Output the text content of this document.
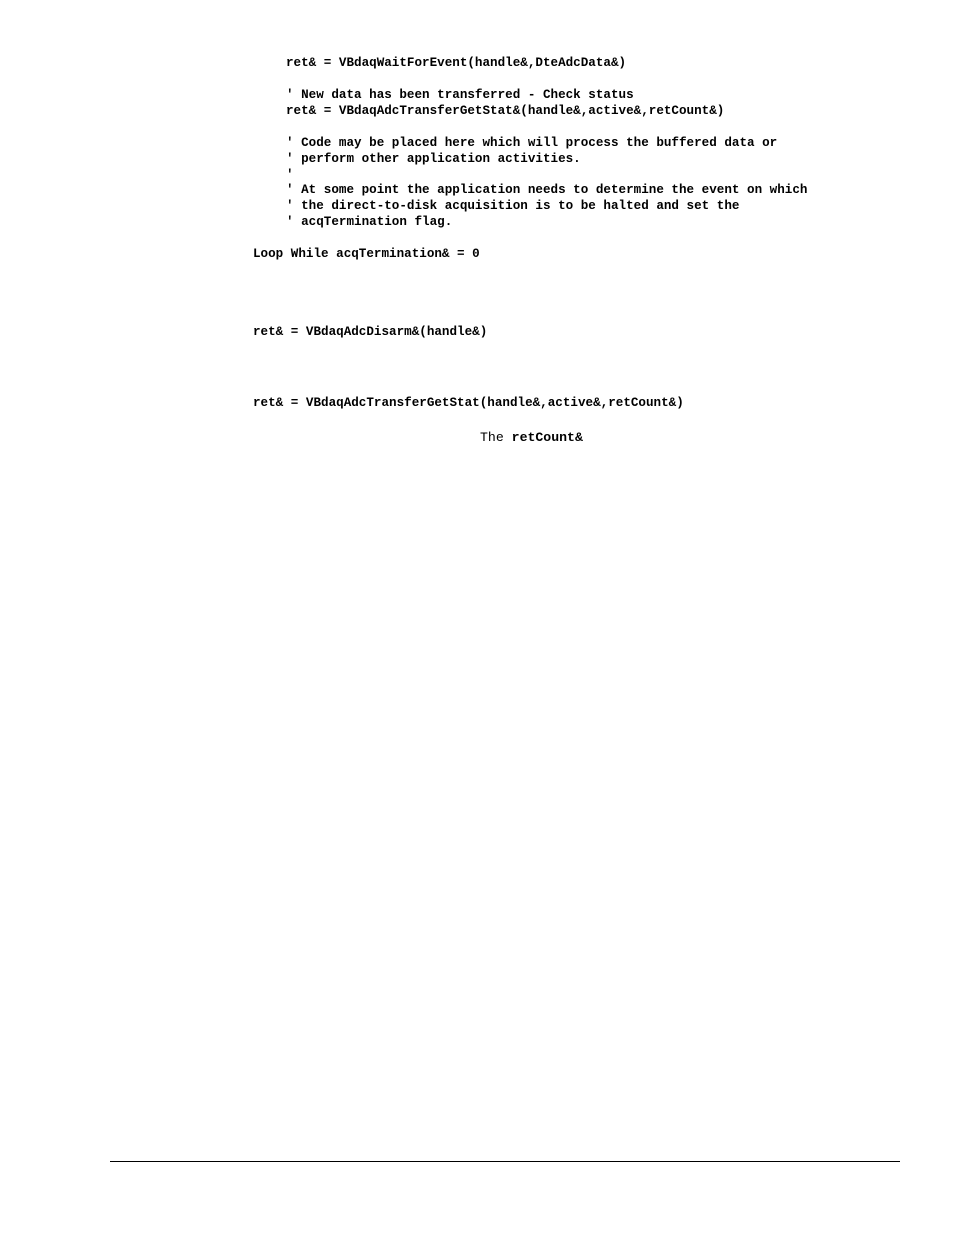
ret& = VBdaqWaitForEvent(handle&,DteAdcData&)
' New data has been transferred - Check status
ret& = VBdaqAdcTransferGetStat&(handle&,active&,retCount&)
' Code may be placed here which will process the buffered data or
' perform other application activities.
'
' At some point the application needs to determine the event on which
' the direct-to-disk acquisition is to be halted and set the
' acqTermination flag.
Loop While acqTermination& = 0
ret& = VBdaqAdcDisarm&(handle&)
ret& = VBdaqAdcTransferGetStat(handle&,active&,retCount&)
The retCount&
